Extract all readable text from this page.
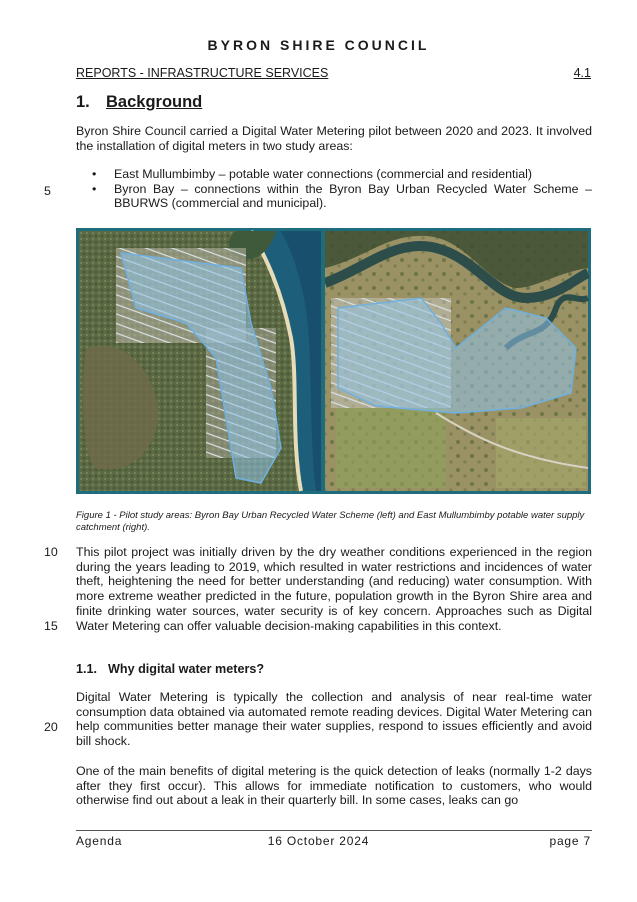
BYRON SHIRE COUNCIL
REPORTS - INFRASTRUCTURE SERVICES	4.1
1. Background
Byron Shire Council carried a Digital Water Metering pilot between 2020 and 2023. It involved the installation of digital meters in two study areas:
• East Mullumbimby – potable water connections (commercial and residential)
• Byron Bay – connections within the Byron Bay Urban Recycled Water Scheme – BBURWS (commercial and municipal).
5
Figure 1 - Pilot study areas: Byron Bay Urban Recycled Water Scheme (left) and East Mullumbimby potable water supply catchment (right).
This pilot project was initially driven by the dry weather conditions experienced in the region during the years leading to 2019, which resulted in water restrictions and incidences of water theft, heightening the need for better understanding (and reducing) water consumption. With more extreme weather predicted in the future, population growth in the Byron Shire area and finite drinking water sources, water security is of key concern. Approaches such as Digital Water Metering can offer valuable decision-making capabilities in this context.
10
15
1.1. Why digital water meters?
Digital Water Metering is typically the collection and analysis of near real-time water consumption data obtained via automated remote reading devices. Digital Water Metering can help communities better manage their water supplies, respond to issues efficiently and avoid bill shock.
20
One of the main benefits of digital metering is the quick detection of leaks (normally 1-2 days after they first occur). This allows for immediate notification to customers, who would otherwise find out about a leak in their quarterly bill. In some cases, leaks can go
Agenda	16 October 2024	page 7
